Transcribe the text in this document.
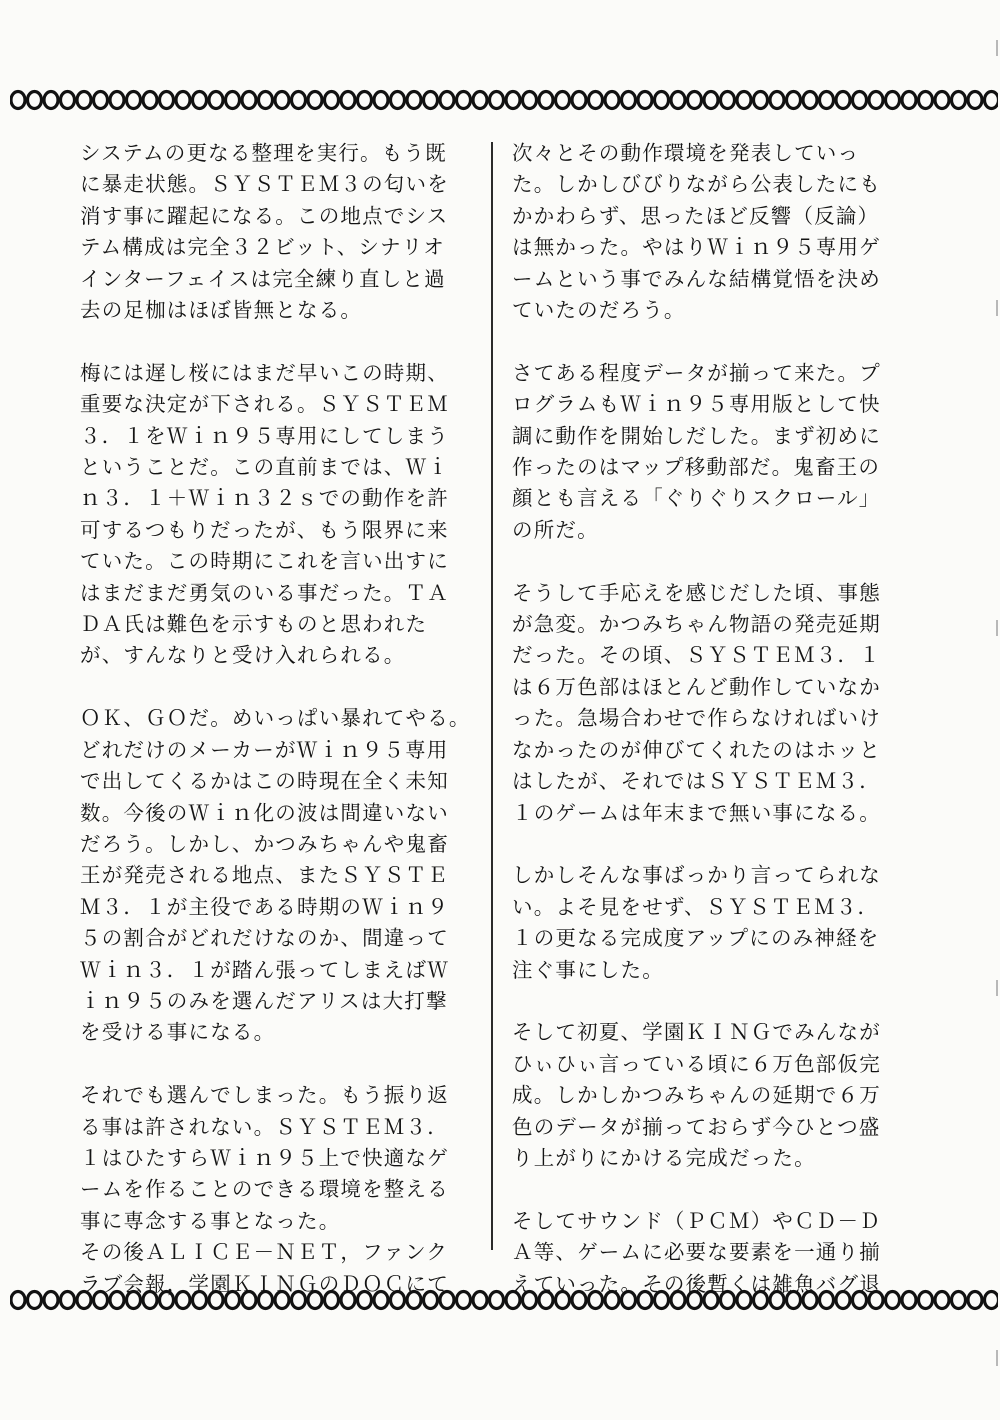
システムの更なる整理を実行。もう既
に暴走状態。ＳＹＳＴＥＭ３の匂いを
消す事に躍起になる。この地点でシス
テム構成は完全３２ビット、シナリオ
インターフェイスは完全練り直しと過
去の足枷はほぼ皆無となる。

梅には遅し桜にはまだ早いこの時期、
重要な決定が下される。ＳＹＳＴＥＭ
３．１をＷｉｎ９５専用にしてしまう
ということだ。この直前までは、Ｗｉ
ｎ３．１＋Ｗｉｎ３２ｓでの動作を許
可するつもりだったが、もう限界に来
ていた。この時期にこれを言い出すに
はまだまだ勇気のいる事だった。ＴＡ
ＤＡ氏は難色を示すものと思われた
が、すんなりと受け入れられる。

ＯＫ、ＧＯだ。めいっぱい暴れてやる。
どれだけのメーカーがＷｉｎ９５専用
で出してくるかはこの時現在全く未知
数。今後のＷｉｎ化の波は間違いない
だろう。しかし、かつみちゃんや鬼畜
王が発売される地点、またＳＹＳＴＥ
Ｍ３．１が主役である時期のＷｉｎ９
５の割合がどれだけなのか、間違って
Ｗｉｎ３．１が踏ん張ってしまえばＷ
ｉｎ９５のみを選んだアリスは大打撃
を受ける事になる。

それでも選んでしまった。もう振り返
る事は許されない。ＳＹＳＴＥＭ３．
１はひたすらＷｉｎ９５上で快適なゲ
ームを作ることのできる環境を整える
事に専念する事となった。

その後ＡＬＩＣＥ－ＮＥＴ，ファンク
ラブ会報，学園ＫＩＮＧのＤＯＣにて

次々とその動作環境を発表していっ
た。しかしびびりながら公表したにも
かかわらず、思ったほど反響（反論）
は無かった。やはりＷｉｎ９５専用ゲ
ームという事でみんな結構覚悟を決め
ていたのだろう。

さてある程度データが揃って来た。プ
ログラムもＷｉｎ９５専用版として快
調に動作を開始しだした。まず初めに
作ったのはマップ移動部だ。鬼畜王の
顔とも言える「ぐりぐりスクロール」
の所だ。

そうして手応えを感じだした頃、事態
が急変。かつみちゃん物語の発売延期
だった。その頃、ＳＹＳＴＥＭ３．１
は６万色部はほとんど動作していなか
った。急場合わせで作らなければいけ
なかったのが伸びてくれたのはホッと
はしたが、それではＳＹＳＴＥＭ３．
１のゲームは年末まで無い事になる。

しかしそんな事ばっかり言ってられな
い。よそ見をせず、ＳＹＳＴＥＭ３．
１の更なる完成度アップにのみ神経を
注ぐ事にした。

そして初夏、学園ＫＩＮＧでみんなが
ひぃひぃ言っている頃に６万色部仮完
成。しかしかつみちゃんの延期で６万
色のデータが揃っておらず今ひとつ盛
り上がりにかける完成だった。

そしてサウンド（ＰＣＭ）やＣＤ－Ｄ
Ａ等、ゲームに必要な要素を一通り揃
えていった。その後暫くは雑魚バグ退
